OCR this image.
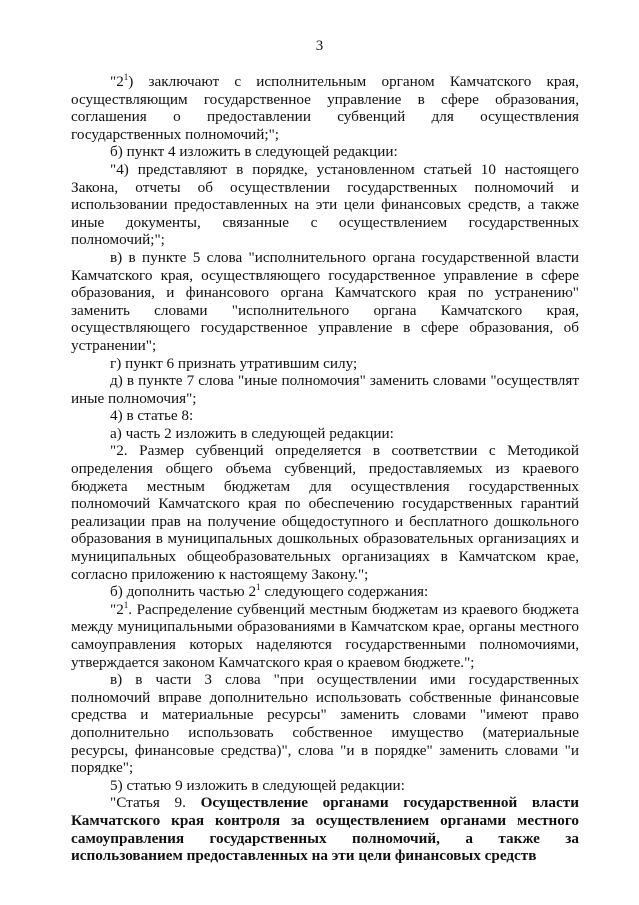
3

"$2^1$) заключают с исполнительным органом Камчатского края, осуществляющим государственное управление в сфере образования, соглашения о предоставлении субвенций для осуществления государственных полномочий;";

б) пункт 4 изложить в следующей редакции:

"4) представляют в порядке, установленном статьей 10 настоящего Закона, отчеты об осуществлении государственных полномочий и использовании предоставленных на эти цели финансовых средств, а также иные документы, связанные с осуществлением государственных полномочий;";

в) в пункте 5 слова "исполнительного органа государственной власти Камчатского края, осуществляющего государственное управление в сфере образования, и финансового органа Камчатского края по устранению" заменить словами "исполнительного органа Камчатского края, осуществляющего государственное управление в сфере образования, об устранении";

г) пункт 6 признать утратившим силу;

д) в пункте 7 слова "иные полномочия" заменить словами "осуществлят иные полномочия";

4) в статье 8:

а) часть 2 изложить в следующей редакции:

"2. Размер субвенций определяется в соответствии с Методикой определения общего объема субвенций, предоставляемых из краевого бюджета местным бюджетам для осуществления государственных полномочий Камчатского края по обеспечению государственных гарантий реализации прав на получение общедоступного и бесплатного дошкольного образования в муниципальных дошкольных образовательных организациях и муниципальных общеобразовательных организациях в Камчатском крае, согласно приложению к настоящему Закону.";

б) дополнить частью $2^1$ следующего содержания:

"$2^1$. Распределение субвенций местным бюджетам из краевого бюджета между муниципальными образованиями в Камчатском крае, органы местного самоуправления которых наделяются государственными полномочиями, утверждается законом Камчатского края о краевом бюджете.";

в) в части 3 слова "при осуществлении ими государственных полномочий вправе дополнительно использовать собственные финансовые средства и материальные ресурсы" заменить словами "имеют право дополнительно использовать собственное имущество (материальные ресурсы, финансовые средства)", слова "и в порядке" заменить словами "и порядке";

5) статью 9 изложить в следующей редакции:

"Статья 9. Осуществление органами государственной власти Камчатского края контроля за осуществлением органами местного самоуправления государственных полномочий, а также за использованием предоставленных на эти цели финансовых средств
